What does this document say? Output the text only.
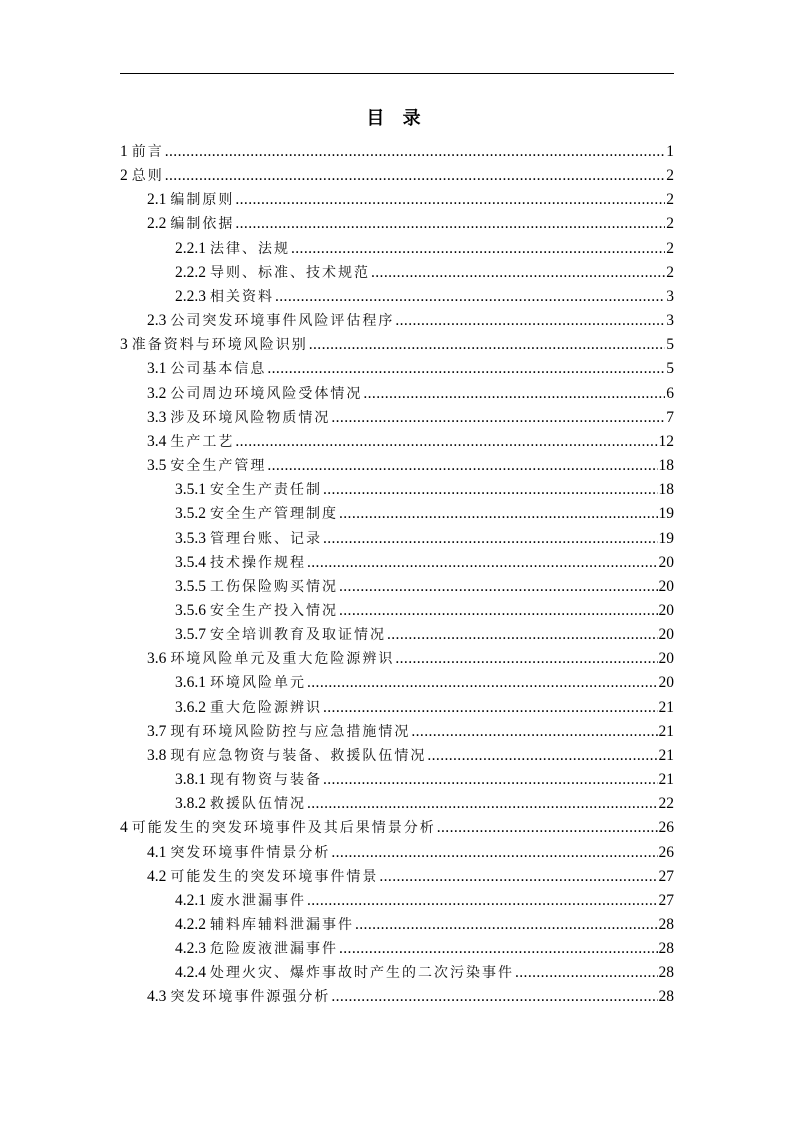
目 录
1 前言 .....	1
2 总则 .....	2
2.1 编制原则 .....	2
2.2 编制依据 .....	2
2.2.1 法律、法规 .....	2
2.2.2 导则、标准、技术规范 .....	2
2.2.3 相关资料 .....	3
2.3 公司突发环境事件风险评估程序 .....	3
3 准备资料与环境风险识别 .....	5
3.1 公司基本信息 .....	5
3.2 公司周边环境风险受体情况 .....	6
3.3 涉及环境风险物质情况 .....	7
3.4 生产工艺 .....	12
3.5 安全生产管理 .....	18
3.5.1 安全生产责任制 .....	18
3.5.2 安全生产管理制度 .....	19
3.5.3 管理台账、记录 .....	19
3.5.4 技术操作规程 .....	20
3.5.5 工伤保险购买情况 .....	20
3.5.6 安全生产投入情况 .....	20
3.5.7 安全培训教育及取证情况 .....	20
3.6 环境风险单元及重大危险源辨识 .....	20
3.6.1 环境风险单元 .....	20
3.6.2 重大危险源辨识 .....	21
3.7 现有环境风险防控与应急措施情况 .....	21
3.8 现有应急物资与装备、救援队伍情况 .....	21
3.8.1 现有物资与装备 .....	21
3.8.2 救援队伍情况 .....	22
4 可能发生的突发环境事件及其后果情景分析 .....	26
4.1 突发环境事件情景分析 .....	26
4.2 可能发生的突发环境事件情景 .....	27
4.2.1 废水泄漏事件 .....	27
4.2.2 辅料库辅料泄漏事件 .....	28
4.2.3 危险废液泄漏事件 .....	28
4.2.4 处理火灾、爆炸事故时产生的二次污染事件 .....	28
4.3 突发环境事件源强分析 .....	28
